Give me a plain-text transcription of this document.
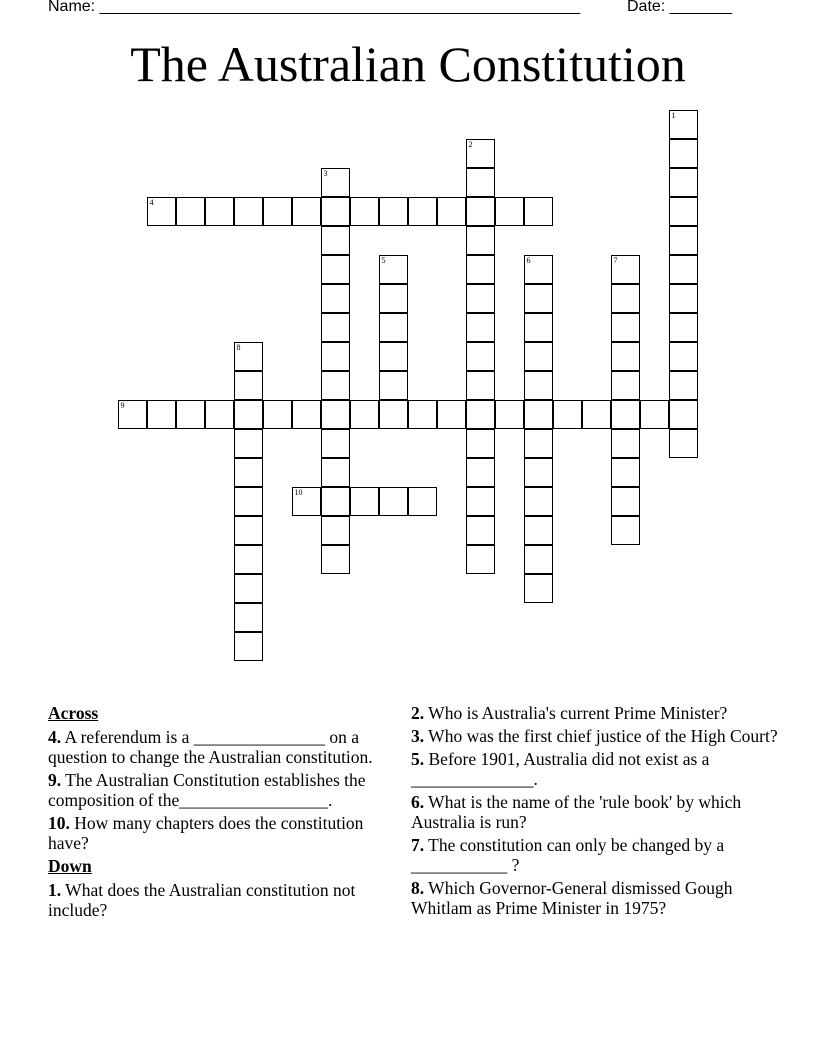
Name: ______________________________________________________

	Date: _______

The Australian Constitution
1
2
3
4
5	6	7
8
9
10
Across
4. A referendum is a _______________ on a question to change the Australian constitution.
9. The Australian Constitution establishes the composition of the_________________.
10. How many chapters does the constitution have?
Down
1. What does the Australian constitution not include?
2. Who is Australia's current Prime Minister?
3. Who was the first chief justice of the High Court?
5. Before 1901, Australia did not exist as a ______________.
6. What is the name of the 'rule book' by which Australia is run?
7. The constitution can only be changed by a ___________ ?
8. Which Governor-General dismissed Gough Whitlam as Prime Minister in 1975?
